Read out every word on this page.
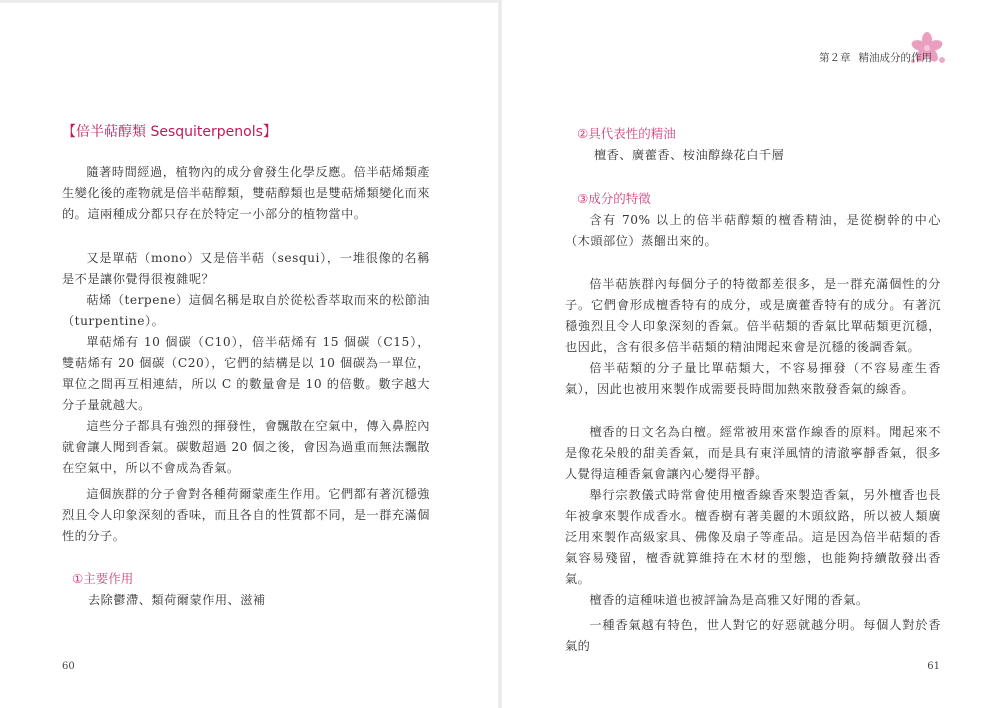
【倍半萜醇類 Sesquiterpenols】

隨著時間經過，植物內的成分會發生化學反應。倍半萜烯類產生變化後的產物就是倍半萜醇類，雙萜醇類也是雙萜烯類變化而來的。這兩種成分都只存在於特定一小部分的植物當中。

又是單萜（mono）又是倍半萜（sesqui），一堆很像的名稱是不是讓你覺得很複雜呢？

萜烯（terpene）這個名稱是取自於從松香萃取而來的松節油（turpentine）。

單萜烯有 10 個碳（C10），倍半萜烯有 15 個碳（C15），雙萜烯有 20 個碳（C20），它們的結構是以 10 個碳為一單位，單位之間再互相連結，所以 C 的數量會是 10 的倍數。數字越大分子量就越大。

這些分子都具有強烈的揮發性，會飄散在空氣中，傳入鼻腔內就會讓人聞到香氣。碳數超過 20 個之後，會因為過重而無法飄散在空氣中，所以不會成為香氣。

這個族群的分子會對各種荷爾蒙產生作用。它們都有著沉穩強烈且令人印象深刻的香味，而且各自的性質都不同，是一群充滿個性的分子。

①主要作用
去除鬱滯、類荷爾蒙作用、滋補
60
第２章 精油成分的作用
②具代表性的精油
檀香、廣藿香、桉油醇綠花白千層
③成分的特徵

含有 70% 以上的倍半萜醇類的檀香精油，是從樹幹的中心（木頭部位）蒸餾出來的。

倍半萜族群內每個分子的特徵都差很多，是一群充滿個性的分子。它們會形成檀香特有的成分，或是廣藿香特有的成分。有著沉穩強烈且令人印象深刻的香氣。倍半萜類的香氣比單萜類更沉穩，也因此，含有很多倍半萜類的精油聞起來會是沉穩的後調香氣。

倍半萜類的分子量比單萜類大，不容易揮發（不容易產生香氣），因此也被用來製作成需要長時間加熱來散發香氣的線香。

檀香的日文名為白檀。經常被用來當作線香的原料。聞起來不是像花朵般的甜美香氣，而是具有東洋風情的清澈寧靜香氣，很多人覺得這種香氣會讓內心變得平靜。

舉行宗教儀式時常會使用檀香線香來製造香氣，另外檀香也長年被拿來製作成香水。檀香樹有著美麗的木頭紋路，所以被人類廣泛用來製作高級家具、佛像及扇子等產品。這是因為倍半萜類的香氣容易殘留，檀香就算維持在木材的型態，也能夠持續散發出香氣。

檀香的這種味道也被評論為是高雅又好聞的香氣。

一種香氣越有特色，世人對它的好惡就越分明。每個人對於香氣的

61
